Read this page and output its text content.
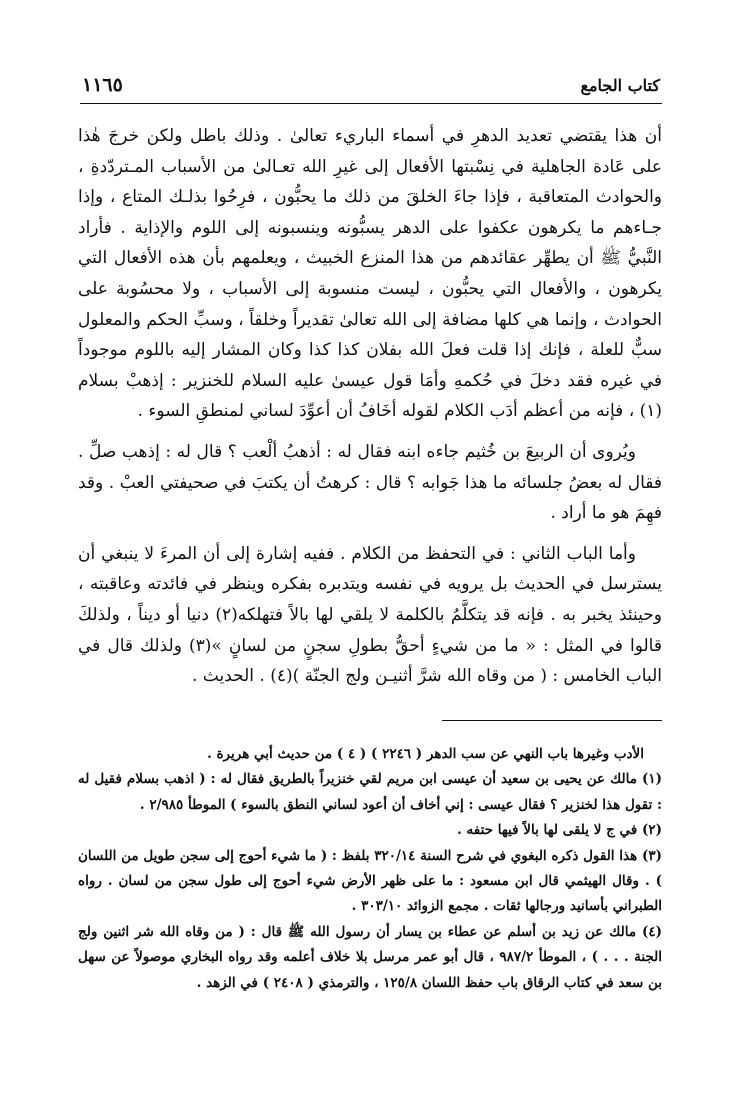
كتاب الجامع
١١٦٥

أن هذا يقتضي تعديد الدهرِ في أسماء الباريء تعالىٰ . وذلك باطل ولكن خرجَ هٰذا على عَادة الجاهلية في نِسْبتها الأفعال إلى غيرِ الله تعـالىٰ من الأسباب المـتردّدةِ ، والحوادث المتعاقبة ، فإذا جاءَ الخلقَ من ذلك ما يحبُّون ، فرِحُوا بذلـك المتاع ، وإذا جـاءهم ما يكرهون عكفوا على الدهر يسبُّونه وينسبونه إلى اللوم والإذاية . فأراد النَّبيُّ ﷺ أن يطهِّر عقائدهم من هذا المنزع الخبيث ، ويعلمهم بأن هذه الأفعال التي يكرهون ، والأفعال التي يحبُّون ، ليست منسوبة إلى الأسباب ، ولا محسُوبة على الحوادث ، وإنما هي كلها مضافة إلى الله تعالىٰ تقديراً وخلقاً ، وسبِّ الحكم والمعلول سبٌّ للعلة ، فإنك إذا قلت فعلَ الله بفلان كذا كذا وكان المشار إليه باللوم موجوداً في غيره فقد دخلَ في حُكمهِ وأمَا قول عيسىٰ عليه السلام للخنزير : إذهبْ بسلام (١) ، فإنه من أعظم أدَب الكلام لقوله أخَافُ أن أعوِّدَ لساني لمنطقِ السوء .

ويُروى أن الربيعَ بن خُثيم جاءه ابنه فقال له : أذهبُ ألْعب ؟ قال له : إذهب صلِّ . فقال له بعضُ جلسائه ما هذا جَوابه ؟ قال : كرهتُ أن يكتبَ في صحيفتي العبْ . وقد فهِمَ هو ما أراد .

وأما الباب الثاني : في التحفظ من الكلام . ففيه إشارة إلى أن المرءَ لا ينبغي أن يسترسل في الحديث بل يرويه في نفسه ويتدبره بفكره وينظر في فائدته وعاقبته ، وحينئذ يخبر به . فإنه قد يتكلَّمُ بالكلمة لا يلقي لها بالاً فتهلكه(٢) دنيا أو ديناً ، ولذلكَ قالوا في المثل : « ما من شيءٍ أحقُّ بطولِ سجنٍ من لسانٍ »(٣) ولذلك قال في الباب الخامس : ( من وقاه الله شرَّ أثنيـن ولج الجنّة )(٤) . الحديث .

الأدب وغيرها باب النهي عن سب الدهر ( ٢٢٤٦ ) ( ٤ ) من حديث أبي هريرة .

(١) مالك عن يحيى بن سعيد أن عيسى ابن مريم لقي خنزيراً بالطريق فقال له : ( اذهب بسلام فقيل له : تقول هذا لخنزير ؟ فقال عيسى : إني أخاف أن أعود لساني النطق بالسوء ) الموطأ ٢/٩٨٥ .

(٢) في ج لا يلقى لها بالاً فيها حتفه .

(٣) هذا القول ذكره البغوي في شرح السنة ٣٢٠/١٤ بلفظ : ( ما شيء أحوج إلى سجن طويل من اللسان ) . وقال الهيثمي قال ابن مسعود : ما على ظهر الأرض شيء أحوج إلى طول سجن من لسان . رواه الطبراني بأسانيد ورجالها ثقات . مجمع الزوائد ٣٠٣/١٠ .

(٤) مالك عن زيد بن أسلم عن عطاء بن يسار أن رسول الله ﷺ قال : ( من وقاه الله شر اثنين ولج الجنة . . . ) ، الموطأ ٩٨٧/٢ ، قال أبو عمر مرسل بلا خلاف أعلمه وقد رواه البخاري موصولاً عن سهل بن سعد في كتاب الرقاق باب حفظ اللسان ١٢٥/٨ ، والترمذي ( ٢٤٠٨ ) في الزهد .
